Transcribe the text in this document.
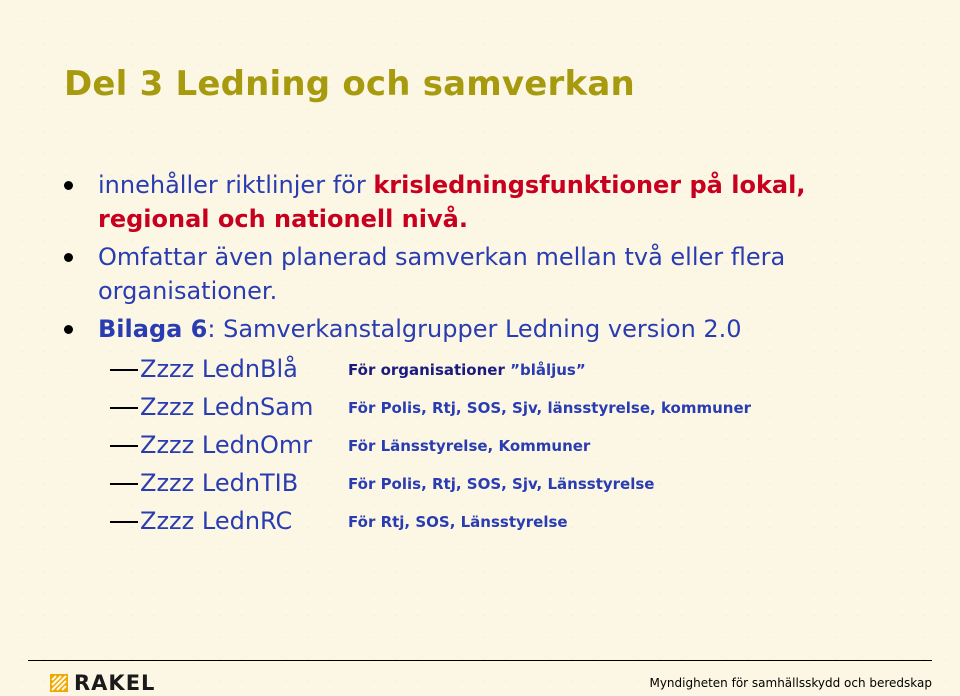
Del 3 Ledning och samverkan
innehåller riktlinjer för krisledningsfunktioner på lokal, regional och nationell nivå.
Omfattar även planerad samverkan mellan två eller flera organisationer.
Bilaga 6: Samverkanstalgrupper Ledning version 2.0
Zzzz LednBlå	För organisationer ”blåljus”
Zzzz LednSam För Polis, Rtj, SOS, Sjv, länsstyrelse, kommuner
Zzzz LednOmr För Länsstyrelse, Kommuner
Zzzz LednTIB	För Polis, Rtj, SOS, Sjv, Länsstyrelse
Zzzz LednRC	För Rtj, SOS, Länsstyrelse
RAKEL	Myndigheten för samhällsskydd och beredskap
